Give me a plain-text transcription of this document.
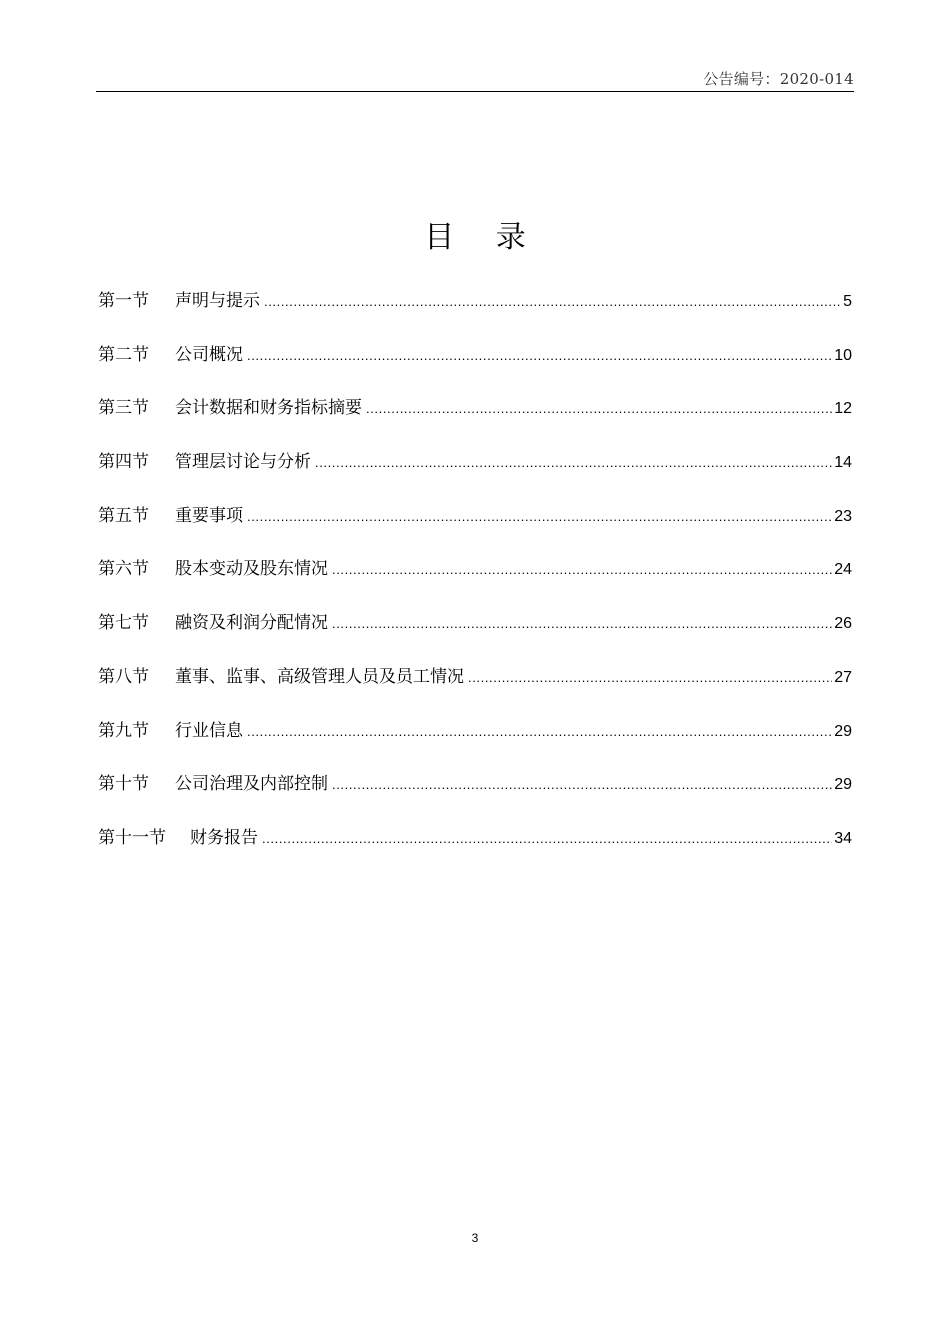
公告编号：2020-014
目 录
第一节	声明与提示 .....	5
第二节	公司概况 .....	10
第三节	会计数据和财务指标摘要 .....	12
第四节	管理层讨论与分析 .....	14
第五节	重要事项 .....	23
第六节	股本变动及股东情况 .....	24
第七节	融资及利润分配情况 .....	26
第八节	董事、监事、高级管理人员及员工情况 .....	27
第九节	行业信息 .....	29
第十节	公司治理及内部控制 .....	29
第十一节	财务报告 .....	34
3
